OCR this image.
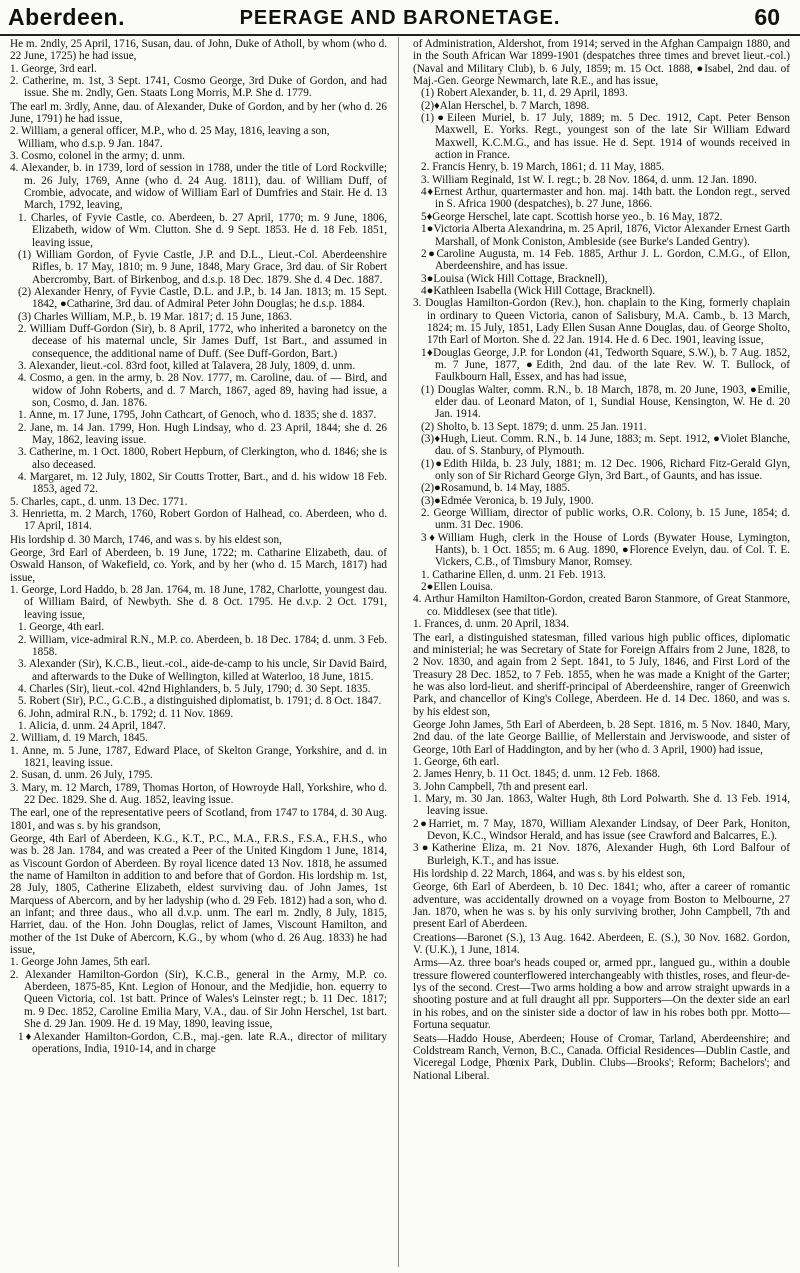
Aberdeen.	PEERAGE AND BARONETAGE.	60

He m. 2ndly, 25 April, 1716, Susan, dau. of John, Duke of Atholl, by whom (who d. 22 June, 1725) he had issue,

1. George, 3rd earl.

2. Catherine, m. 1st, 3 Sept. 1741, Cosmo George, 3rd Duke of Gordon, and had issue. She m. 2ndly, Gen. Staats Long Morris, M.P. She d. 1779.

The earl m. 3rdly, Anne, dau. of Alexander, Duke of Gordon, and by her (who d. 26 June, 1791) he had issue,

2. William, a general officer, M.P., who d. 25 May, 1816, leaving a son,

William, who d.s.p. 9 Jan. 1847.

3. Cosmo, colonel in the army; d. unm.

4. Alexander, b. in 1739, lord of session in 1788, under the title of Lord Rockville; m. 26 July, 1769, Anne (who d. 24 Aug. 1811), dau. of William Duff, of Crombie, advocate, and widow of William Earl of Dumfries and Stair. He d. 13 March, 1792, leaving,

1. Charles, of Fyvie Castle, co. Aberdeen, b. 27 April, 1770; m. 9 June, 1806, Elizabeth, widow of Wm. Clutton. She d. 9 Sept. 1853. He d. 18 Feb. 1851, leaving issue,

(1) William Gordon, of Fyvie Castle, J.P. and D.L., Lieut.-Col. Aberdeenshire Rifles, b. 17 May, 1810; m. 9 June, 1848, Mary Grace, 3rd dau. of Sir Robert Abercromby, Bart. of Birkenbog, and d.s.p. 18 Dec. 1879. She d. 4 Dec. 1887.

(2) Alexander Henry, of Fyvie Castle, D.L. and J.P., b. 14 Jan. 1813; m. 15 Sept. 1842, ●Catharine, 3rd dau. of Admiral Peter John Douglas; he d.s.p. 1884.

(3) Charles William, M.P., b. 19 Mar. 1817; d. 15 June, 1863.

2. William Duff-Gordon (Sir), b. 8 April, 1772, who inherited a baronetcy on the decease of his maternal uncle, Sir James Duff, 1st Bart., and assumed in consequence, the additional name of Duff. (See Duff-Gordon, Bart.)

3. Alexander, lieut.-col. 83rd foot, killed at Talavera, 28 July, 1809, d. unm.

4. Cosmo, a gen. in the army, b. 28 Nov. 1777, m. Caroline, dau. of — Bird, and widow of John Roberts, and d. 7 March, 1867, aged 89, having had issue, a son, Cosmo, d. Jan. 1876.

1. Anne, m. 17 June, 1795, John Cathcart, of Genoch, who d. 1835; she d. 1837.

2. Jane, m. 14 Jan. 1799, Hon. Hugh Lindsay, who d. 23 April, 1844; she d. 26 May, 1862, leaving issue.

3. Catherine, m. 1 Oct. 1800, Robert Hepburn, of Clerkington, who d. 1846; she is also deceased.

4. Margaret, m. 12 July, 1802, Sir Coutts Trotter, Bart., and d. his widow 18 Feb. 1853, aged 72.

5. Charles, capt., d. unm. 13 Dec. 1771.

3. Henrietta, m. 2 March, 1760, Robert Gordon of Halhead, co. Aberdeen, who d. 17 April, 1814.

His lordship d. 30 March, 1746, and was s. by his eldest son,

George, 3rd Earl of Aberdeen, b. 19 June, 1722; m. Catharine Elizabeth, dau. of Oswald Hanson, of Wakefield, co. York, and by her (who d. 15 March, 1817) had issue,

1. George, Lord Haddo, b. 28 Jan. 1764, m. 18 June, 1782, Charlotte, youngest dau. of William Baird, of Newbyth. She d. 8 Oct. 1795. He d.v.p. 2 Oct. 1791, leaving issue,

1. George, 4th earl.

2. William, vice-admiral R.N., M.P. co. Aberdeen, b. 18 Dec. 1784; d. unm. 3 Feb. 1858.

3. Alexander (Sir), K.C.B., lieut.-col., aide-de-camp to his uncle, Sir David Baird, and afterwards to the Duke of Wellington, killed at Waterloo, 18 June, 1815.

4. Charles (Sir), lieut.-col. 42nd Highlanders, b. 5 July, 1790; d. 30 Sept. 1835.

5. Robert (Sir), P.C., G.C.B., a distinguished diplomatist, b. 1791; d. 8 Oct. 1847.

6. John, admiral R.N., b. 1792; d. 11 Nov. 1869.

1. Alicia, d. unm. 24 April, 1847.

2. William, d. 19 March, 1845.

1. Anne, m. 5 June, 1787, Edward Place, of Skelton Grange, Yorkshire, and d. in 1821, leaving issue.

2. Susan, d. unm. 26 July, 1795.

3. Mary, m. 12 March, 1789, Thomas Horton, of Howroyde Hall, Yorkshire, who d. 22 Dec. 1829. She d. Aug. 1852, leaving issue.

The earl, one of the representative peers of Scotland, from 1747 to 1784, d. 30 Aug. 1801, and was s. by his grandson,

George, 4th Earl of Aberdeen, K.G., K.T., P.C., M.A., F.R.S., F.S.A., F.H.S., who was b. 28 Jan. 1784, and was created a Peer of the United Kingdom 1 June, 1814, as Viscount Gordon of Aberdeen. By royal licence dated 13 Nov. 1818, he assumed the name of Hamilton in addition to and before that of Gordon. His lordship m. 1st, 28 July, 1805, Catherine Elizabeth, eldest surviving dau. of John James, 1st Marquess of Abercorn, and by her ladyship (who d. 29 Feb. 1812) had a son, who d. an infant; and three daus., who all d.v.p. unm. The earl m. 2ndly, 8 July, 1815, Harriet, dau. of the Hon. John Douglas, relict of James, Viscount Hamilton, and mother of the 1st Duke of Abercorn, K.G., by whom (who d. 26 Aug. 1833) he had issue,

1. George John James, 5th earl.

2. Alexander Hamilton-Gordon (Sir), K.C.B., general in the Army, M.P. co. Aberdeen, 1875-85, Knt. Legion of Honour, and the Medjidie, hon. equerry to Queen Victoria, col. 1st batt. Prince of Wales's Leinster regt.; b. 11 Dec. 1817; m. 9 Dec. 1852, Caroline Emilia Mary, V.A., dau. of Sir John Herschel, 1st bart. She d. 29 Jan. 1909. He d. 19 May, 1890, leaving issue,

1♦Alexander Hamilton-Gordon, C.B., maj.-gen. late R.A., director of military operations, India, 1910-14, and in charge

of Administration, Aldershot, from 1914; served in the Afghan Campaign 1880, and in the South African War 1899-1901 (despatches three times and brevet lieut.-col.) (Naval and Military Club), b. 6 July, 1859; m. 15 Oct. 1888, ●Isabel, 2nd dau. of Maj.-Gen. George Newmarch, late R.E., and has issue,

(1) Robert Alexander, b. 11, d. 29 April, 1893.

(2)♦Alan Herschel, b. 7 March, 1898.

(1)●Eileen Muriel, b. 17 July, 1889; m. 5 Dec. 1912, Capt. Peter Benson Maxwell, E. Yorks. Regt., youngest son of the late Sir William Edward Maxwell, K.C.M.G., and has issue. He d. Sept. 1914 of wounds received in action in France.

2. Francis Henry, b. 19 March, 1861; d. 11 May, 1885.

3. William Reginald, 1st W. I. regt.; b. 28 Nov. 1864, d. unm. 12 Jan. 1890.

4♦Ernest Arthur, quartermaster and hon. maj. 14th batt. the London regt., served in S. Africa 1900 (despatches), b. 27 June, 1866.

5♦George Herschel, late capt. Scottish horse yeo., b. 16 May, 1872.

1●Victoria Alberta Alexandrina, m. 25 April, 1876, Victor Alexander Ernest Garth Marshall, of Monk Coniston, Ambleside (see Burke's Landed Gentry).

2●Caroline Augusta, m. 14 Feb. 1885, Arthur J. L. Gordon, C.M.G., of Ellon, Aberdeenshire, and has issue.

3●Louisa (Wick Hill Cottage, Bracknell),

4●Kathleen Isabella (Wick Hill Cottage, Bracknell).

3. Douglas Hamilton-Gordon (Rev.), hon. chaplain to the King, formerly chaplain in ordinary to Queen Victoria, canon of Salisbury, M.A. Camb., b. 13 March, 1824; m. 15 July, 1851, Lady Ellen Susan Anne Douglas, dau. of George Sholto, 17th Earl of Morton. She d. 22 Jan. 1914. He d. 6 Dec. 1901, leaving issue,

1♦Douglas George, J.P. for London (41, Tedworth Square, S.W.), b. 7 Aug. 1852, m. 7 June, 1877, ●Edith, 2nd dau. of the late Rev. W. T. Bullock, of Faulkbourn Hall, Essex, and has had issue,

(1) Douglas Walter, comm. R.N., b. 18 March, 1878, m. 20 June, 1903, ●Emilie, elder dau. of Leonard Maton, of 1, Sundial House, Kensington, W. He d. 20 Jan. 1914.

(2) Sholto, b. 13 Sept. 1879; d. unm. 25 Jan. 1911.

(3)♦Hugh, Lieut. Comm. R.N., b. 14 June, 1883; m. Sept. 1912, ●Violet Blanche, dau. of S. Stanbury, of Plymouth.

(1)●Edith Hilda, b. 23 July, 1881; m. 12 Dec. 1906, Richard Fitz-Gerald Glyn, only son of Sir Richard George Glyn, 3rd Bart., of Gaunts, and has issue.

(2)●Rosamund, b. 14 May, 1885.

(3)●Edmée Veronica, b. 19 July, 1900.

2. George William, director of public works, O.R. Colony, b. 15 June, 1854; d. unm. 31 Dec. 1906.

3♦William Hugh, clerk in the House of Lords (Bywater House, Lymington, Hants), b. 1 Oct. 1855; m. 6 Aug. 1890, ●Florence Evelyn, dau. of Col. T. E. Vickers, C.B., of Timsbury Manor, Romsey.

1. Catharine Ellen, d. unm. 21 Feb. 1913.

2●Ellen Louisa.

4. Arthur Hamilton Hamilton-Gordon, created Baron Stanmore, of Great Stanmore, co. Middlesex (see that title).

1. Frances, d. unm. 20 April, 1834.

The earl, a distinguished statesman, filled various high public offices, diplomatic and ministerial; he was Secretary of State for Foreign Affairs from 2 June, 1828, to 2 Nov. 1830, and again from 2 Sept. 1841, to 5 July, 1846, and First Lord of the Treasury 28 Dec. 1852, to 7 Feb. 1855, when he was made a Knight of the Garter; he was also lord-lieut. and sheriff-principal of Aberdeenshire, ranger of Greenwich Park, and chancellor of King's College, Aberdeen. He d. 14 Dec. 1860, and was s. by his eldest son,

George John James, 5th Earl of Aberdeen, b. 28 Sept. 1816, m. 5 Nov. 1840, Mary, 2nd dau. of the late George Baillie, of Mellerstain and Jerviswoode, and sister of George, 10th Earl of Haddington, and by her (who d. 3 April, 1900) had issue,

1. George, 6th earl.

2. James Henry, b. 11 Oct. 1845; d. unm. 12 Feb. 1868.

3. John Campbell, 7th and present earl.

1. Mary, m. 30 Jan. 1863, Walter Hugh, 8th Lord Polwarth. She d. 13 Feb. 1914, leaving issue.

2●Harriet, m. 7 May, 1870, William Alexander Lindsay, of Deer Park, Honiton, Devon, K.C., Windsor Herald, and has issue (see Crawford and Balcarres, E.).

3●Katherine Eliza, m. 21 Nov. 1876, Alexander Hugh, 6th Lord Balfour of Burleigh, K.T., and has issue.

His lordship d. 22 March, 1864, and was s. by his eldest son,

George, 6th Earl of Aberdeen, b. 10 Dec. 1841; who, after a career of romantic adventure, was accidentally drowned on a voyage from Boston to Melbourne, 27 Jan. 1870, when he was s. by his only surviving brother, John Campbell, 7th and present Earl of Aberdeen.

Creations—Baronet (S.), 13 Aug. 1642. Aberdeen, E. (S.), 30 Nov. 1682. Gordon, V. (U.K.), 1 June, 1814.

Arms—Az. three boar's heads couped or, armed ppr., langued gu., within a double tressure flowered counterflowered interchangeably with thistles, roses, and fleur-de-lys of the second. Crest—Two arms holding a bow and arrow straight upwards in a shooting posture and at full draught all ppr. Supporters—On the dexter side an earl in his robes, and on the sinister side a doctor of law in his robes both ppr. Motto—Fortuna sequatur.

Seats—Haddo House, Aberdeen; House of Cromar, Tarland, Aberdeenshire; and Coldstream Ranch, Vernon, B.C., Canada. Official Residences—Dublin Castle, and Viceregal Lodge, Phœnix Park, Dublin. Clubs—Brooks'; Reform; Bachelors'; and National Liberal.
